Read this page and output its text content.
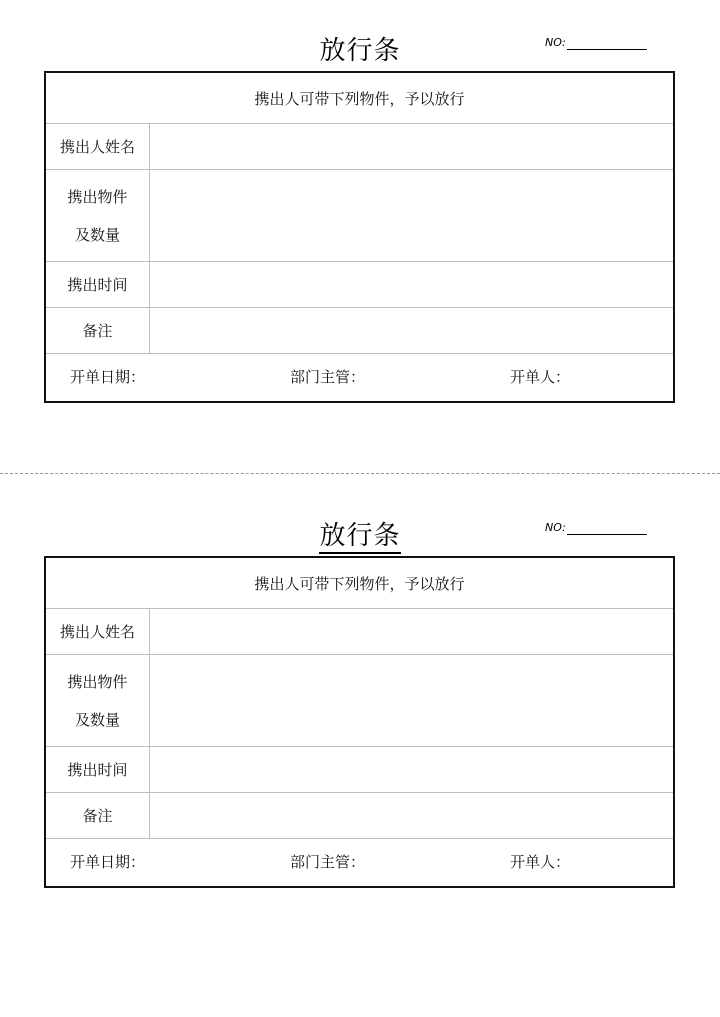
放行条	NO:
携出人可带下列物件，予以放行
携出人姓名
携出物件
及数量
携出时间
备注
开单日期：	部门主管：	开单人：
放行条	NO:
携出人可带下列物件，予以放行
携出人姓名
携出物件
及数量
携出时间
备注
开单日期：	部门主管：	开单人：
